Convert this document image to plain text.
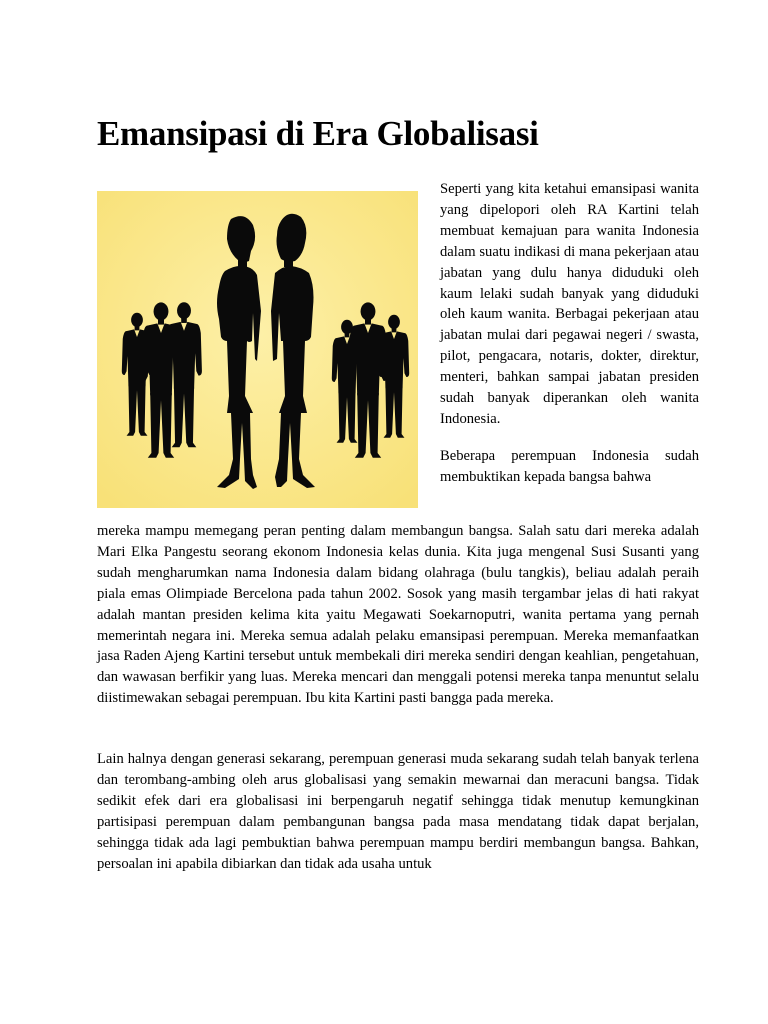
Emansipasi di Era Globalisasi

Seperti yang kita ketahui emansipasi wanita yang dipelopori oleh RA Kartini telah membuat kemajuan para wanita Indonesia dalam suatu indikasi di mana pekerjaan atau jabatan yang dulu hanya diduduki oleh kaum lelaki sudah banyak yang diduduki oleh kaum wanita. Berbagai pekerjaan atau jabatan mulai dari pegawai negeri / swasta, pilot, pengacara, notaris, dokter, direktur, menteri, bahkan sampai jabatan presiden sudah banyak diperankan oleh wanita Indonesia.

Beberapa perempuan Indonesia sudah membuktikan kepada bangsa bahwa

mereka mampu memegang peran penting dalam membangun bangsa. Salah satu dari mereka adalah Mari Elka Pangestu seorang ekonom Indonesia kelas dunia. Kita juga mengenal Susi Susanti yang sudah mengharumkan nama Indonesia dalam bidang olahraga (bulu tangkis), beliau adalah peraih piala emas Olimpiade Bercelona pada tahun 2002. Sosok yang masih tergambar jelas di hati rakyat adalah mantan presiden kelima kita yaitu Megawati Soekarnoputri, wanita pertama yang pernah memerintah negara ini. Mereka semua adalah pelaku emansipasi perempuan. Mereka memanfaatkan jasa Raden Ajeng Kartini tersebut untuk membekali diri mereka sendiri dengan keahlian, pengetahuan, dan wawasan berfikir yang luas. Mereka mencari dan menggali potensi mereka tanpa menuntut selalu diistimewakan sebagai perempuan. Ibu kita Kartini pasti bangga pada mereka.

Lain halnya dengan generasi sekarang, perempuan generasi muda sekarang sudah telah banyak terlena dan terombang-ambing oleh arus globalisasi yang semakin mewarnai dan meracuni bangsa. Tidak sedikit efek dari era globalisasi ini berpengaruh negatif sehingga tidak menutup kemungkinan partisipasi perempuan dalam pembangunan bangsa pada masa mendatang tidak dapat berjalan, sehingga tidak ada lagi pembuktian bahwa perempuan mampu berdiri membangun bangsa. Bahkan, persoalan ini apabila dibiarkan dan tidak ada usaha untuk
